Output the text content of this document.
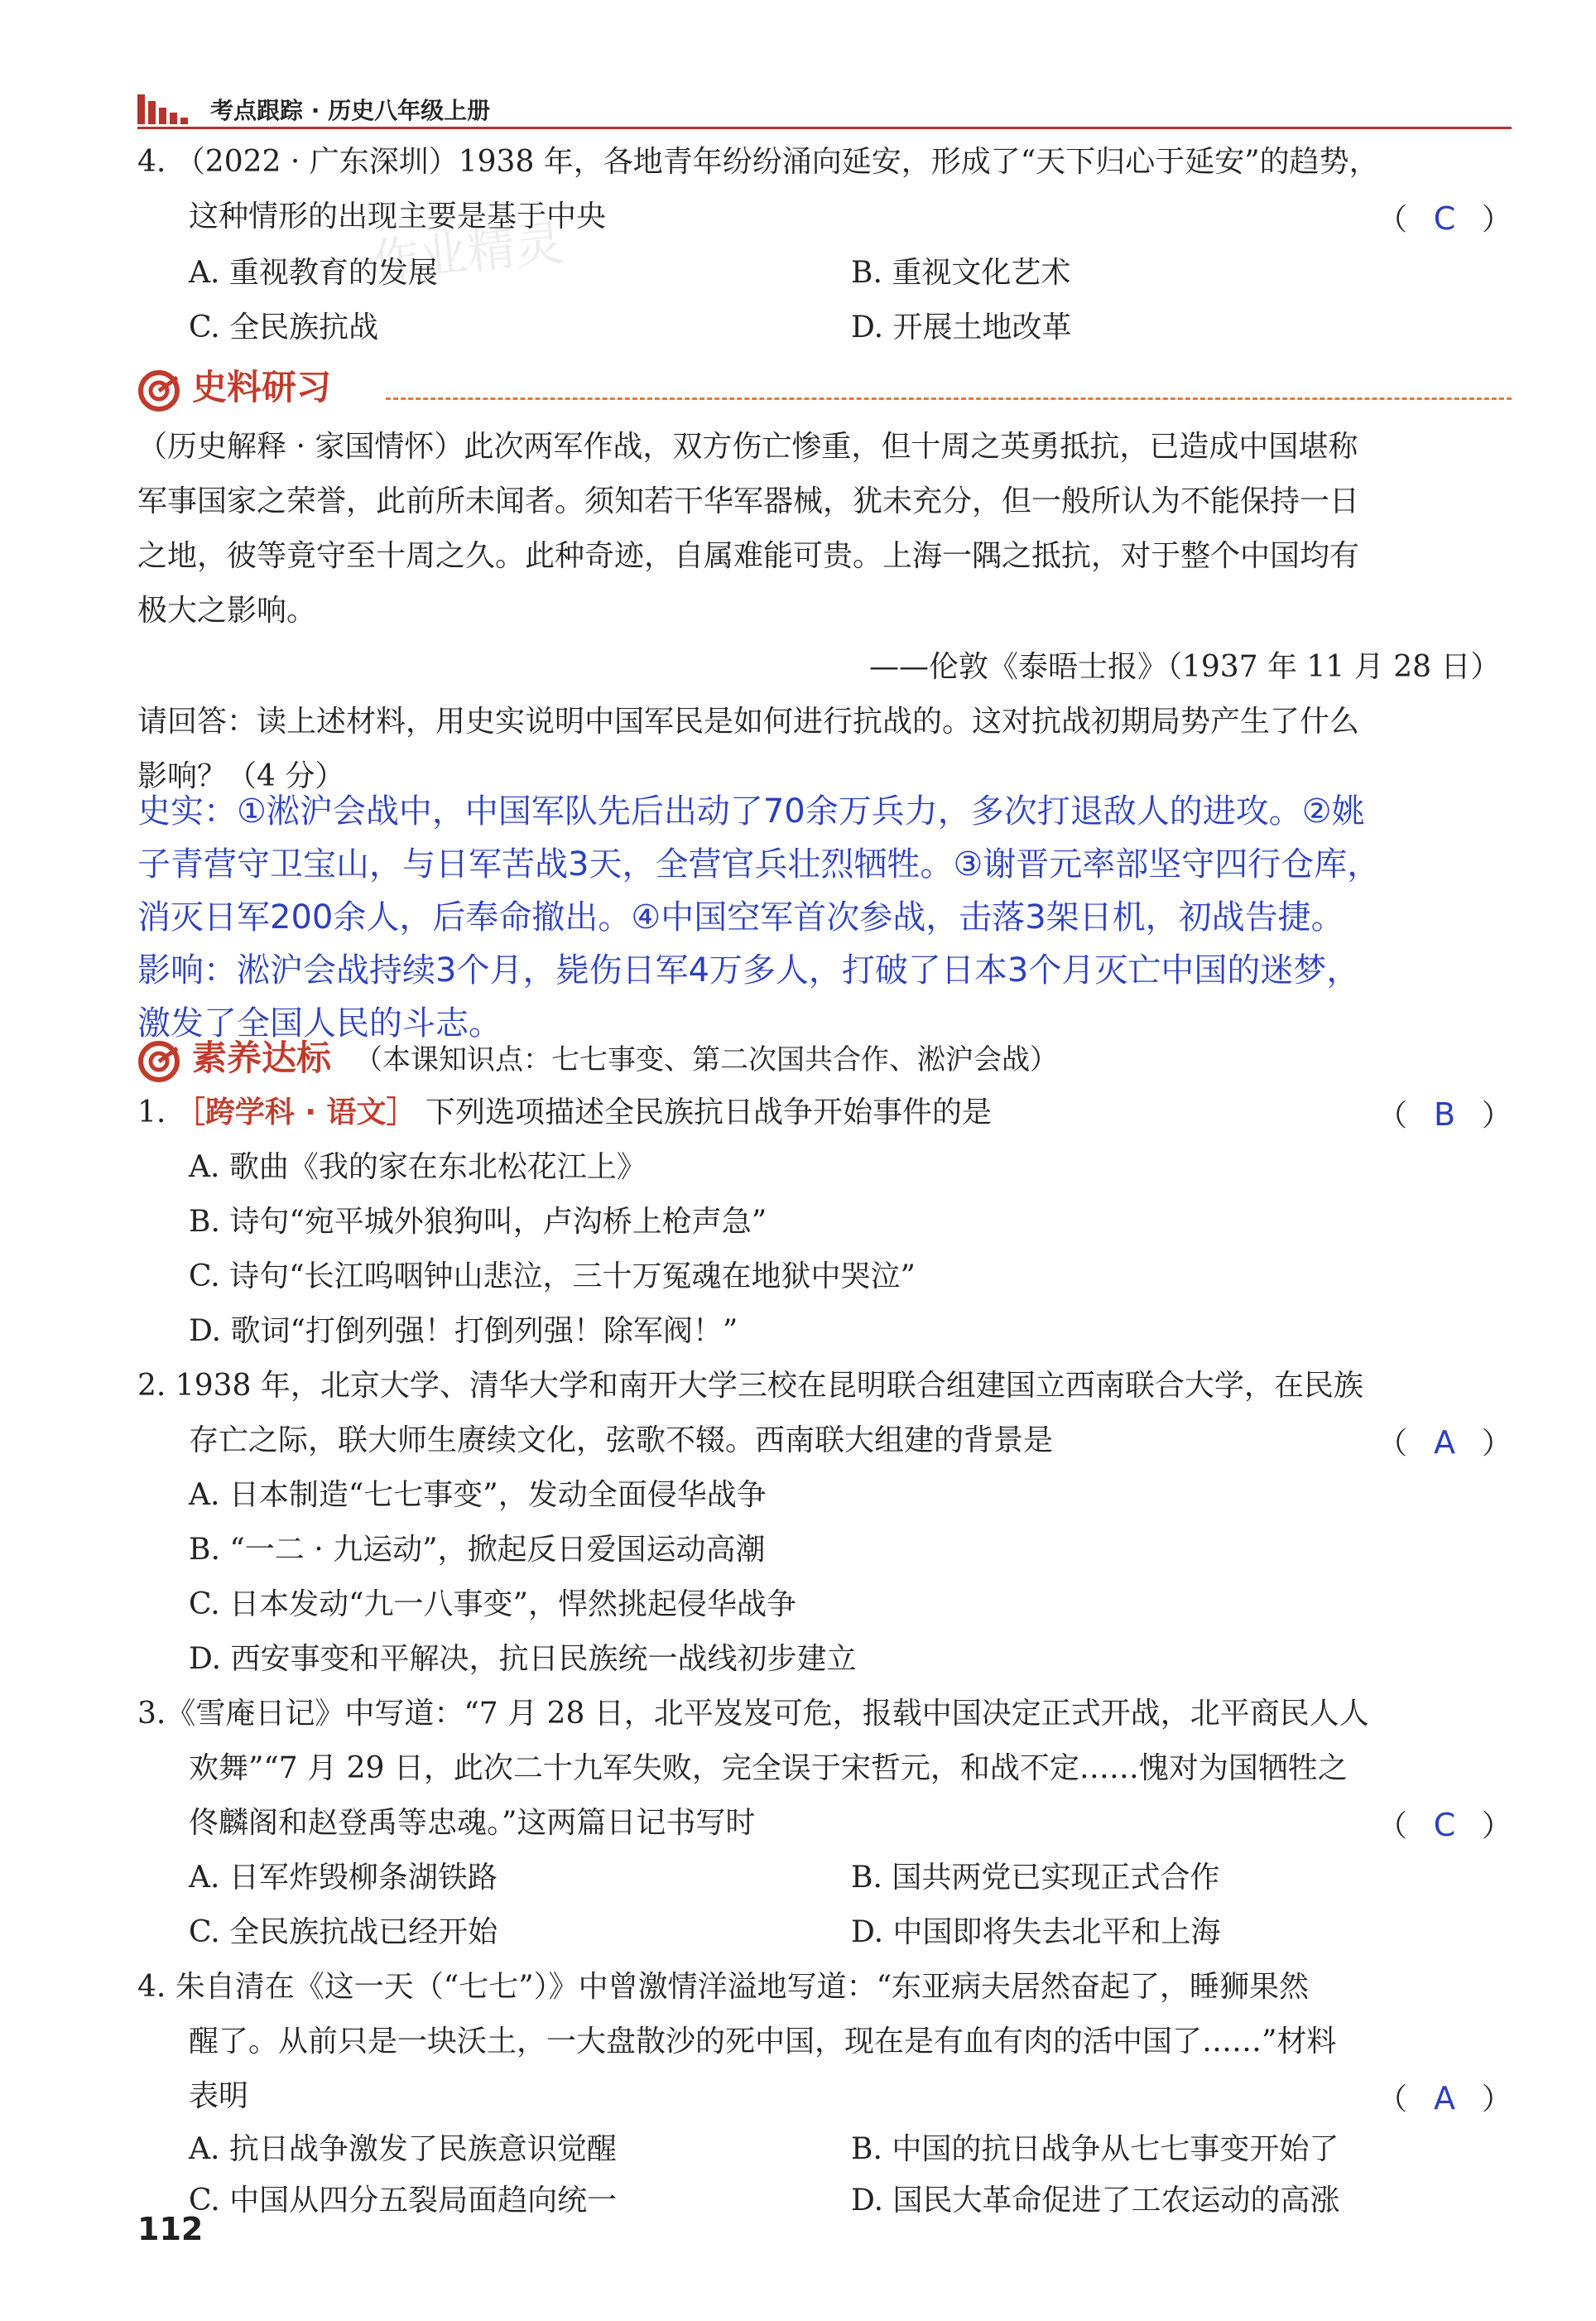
考点跟踪 · 历史八年级上册
作业精灵
4. （2022 · 广东深圳）1938 年，各地青年纷纷涌向延安，形成了“天下归心于延安”的趋势，
这种情形的出现主要是基于中央	（ C ）
A. 重视教育的发展	B. 重视文化艺术
C. 全民族抗战	D. 开展土地改革
史料研习
（历史解释 · 家国情怀）此次两军作战，双方伤亡惨重，但十周之英勇抵抗，已造成中国堪称
军事国家之荣誉，此前所未闻者。须知若干华军器械，犹未充分，但一般所认为不能保持一日
之地，彼等竟守至十周之久。此种奇迹，自属难能可贵。上海一隅之抵抗，对于整个中国均有
极大之影响。
——伦敦《泰晤士报》（1937 年 11 月 28 日）
请回答：读上述材料，用史实说明中国军民是如何进行抗战的。这对抗战初期局势产生了什么
影响？（4 分）
史实：①淞沪会战中，中国军队先后出动了70余万兵力，多次打退敌人的进攻。②姚
子青营守卫宝山，与日军苦战3天，全营官兵壮烈牺牲。③谢晋元率部坚守四行仓库，
消灭日军200余人，后奉命撤出。④中国空军首次参战，击落3架日机，初战告捷。
影响：淞沪会战持续3个月，毙伤日军4万多人，打破了日本3个月灭亡中国的迷梦，
激发了全国人民的斗志。
素养达标 （本课知识点：七七事变、第二次国共合作、淞沪会战）
1. ［跨学科 · 语文］ 下列选项描述全民族抗日战争开始事件的是	（ B ）
A. 歌曲《我的家在东北松花江上》
B. 诗句“宛平城外狼狗叫，卢沟桥上枪声急”
C. 诗句“长江呜咽钟山悲泣，三十万冤魂在地狱中哭泣”
D. 歌词“打倒列强！打倒列强！除军阀！”
2. 1938 年，北京大学、清华大学和南开大学三校在昆明联合组建国立西南联合大学，在民族
存亡之际，联大师生赓续文化，弦歌不辍。西南联大组建的背景是	（ A ）
A. 日本制造“七七事变”，发动全面侵华战争
B. “一二 · 九运动”，掀起反日爱国运动高潮
C. 日本发动“九一八事变”，悍然挑起侵华战争
D. 西安事变和平解决，抗日民族统一战线初步建立
3.《雪庵日记》中写道：“7 月 28 日，北平岌岌可危，报载中国决定正式开战，北平商民人人
欢舞”“7 月 29 日，此次二十九军失败，完全误于宋哲元，和战不定……愧对为国牺牲之
佟麟阁和赵登禹等忠魂。”这两篇日记书写时	（ C ）
A. 日军炸毁柳条湖铁路	B. 国共两党已实现正式合作
C. 全民族抗战已经开始	D. 中国即将失去北平和上海
4. 朱自清在《这一天（“七七”）》中曾激情洋溢地写道：“东亚病夫居然奋起了，睡狮果然
醒了。从前只是一块沃土，一大盘散沙的死中国，现在是有血有肉的活中国了……”材料
表明	（ A ）
A. 抗日战争激发了民族意识觉醒	B. 中国的抗日战争从七七事变开始了
C. 中国从四分五裂局面趋向统一	D. 国民大革命促进了工农运动的高涨
112
